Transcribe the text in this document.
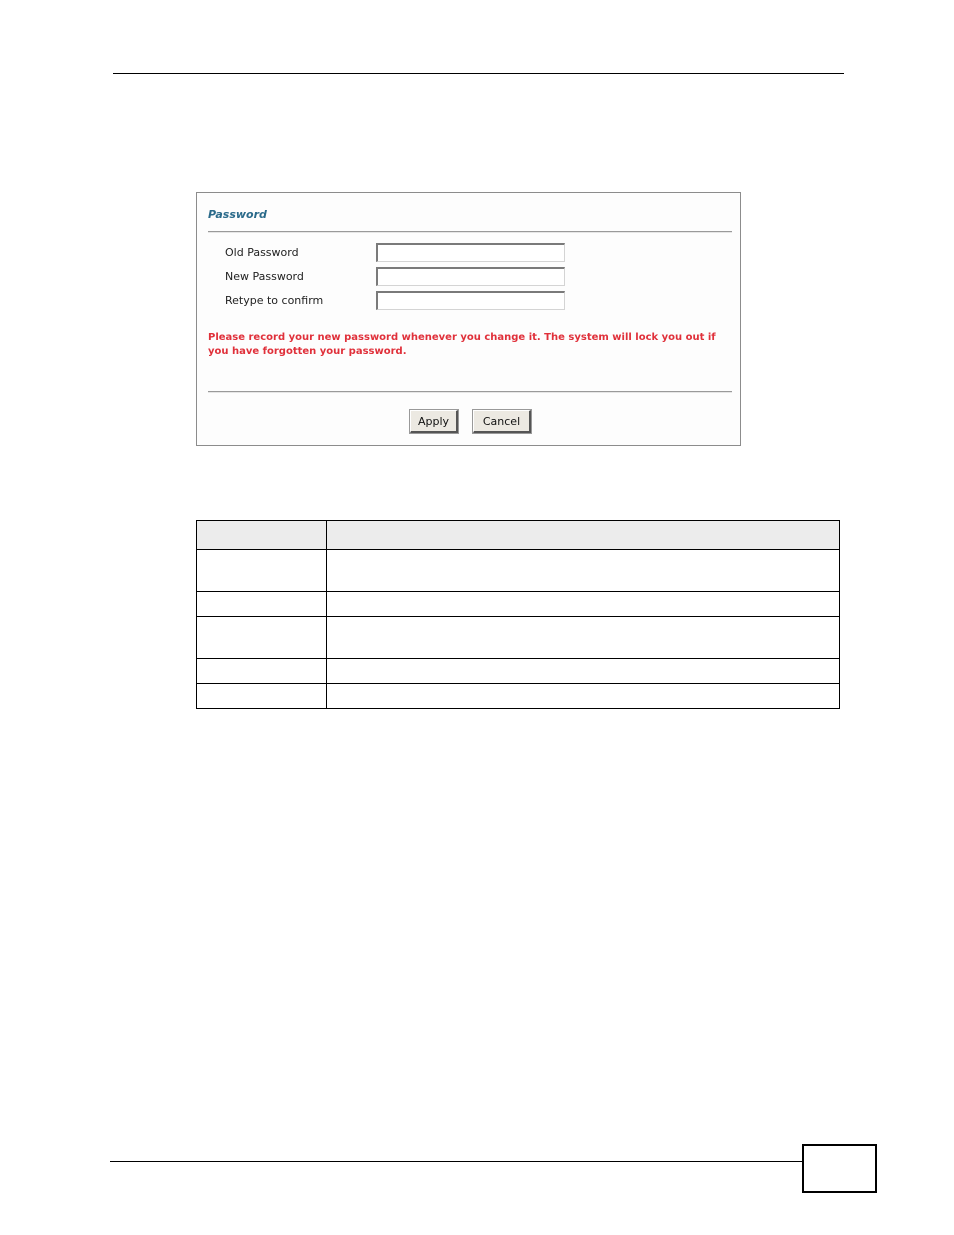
Password
Old Password
New Password
Retype to confirm
Please record your new password whenever you change it. The system will lock you out if you have forgotten your password.
Apply	Cancel
